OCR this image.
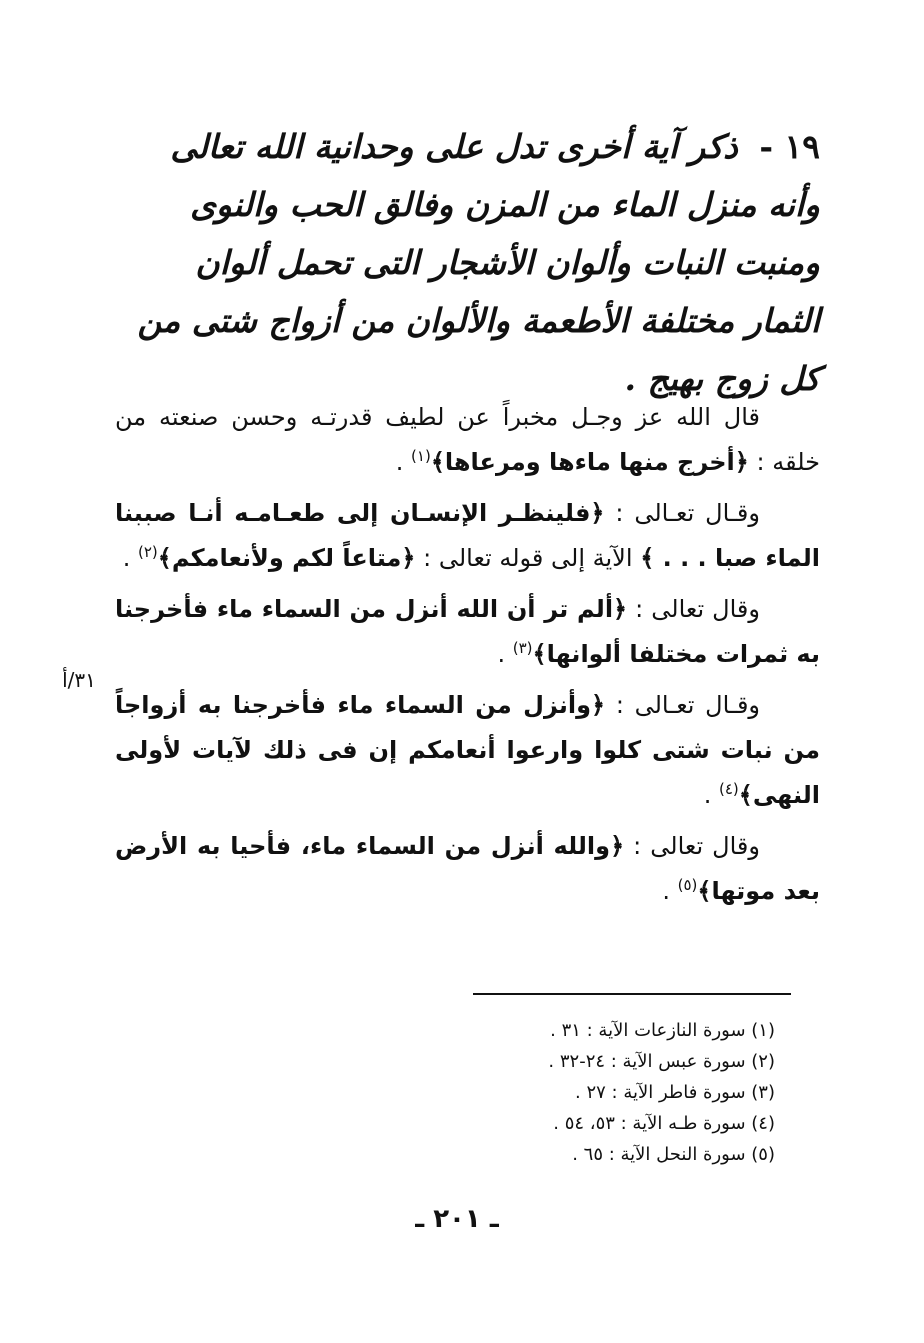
١٩ - ذكر آية أخرى تدل على وحدانية الله تعالى وأنه منزل الماء من المزن وفالق الحب والنوى ومنبت النبات وألوان الأشجار التى تحمل ألوان الثمار مختلفة الأطعمة والألوان من أزواج شتى من كل زوج بهيج .

قال الله عز وجـل مخبراً عن لطيف قدرتـه وحسن صنعته من خلقه : ﴿أخرج منها ماءها ومرعاها﴾$^{(١)}$ .

وقـال تعـالى : ﴿فلينظـر الإنسـان إلى طعـامـه أنـا صببنا الماء صبا . . . ﴾ الآية إلى قوله تعالى : ﴿متاعاً لكم ولأنعامكم﴾$^{(٢)}$ .

وقال تعالى : ﴿ألم تر أن الله أنزل من السماء ماء فأخرجنا به ثمرات مختلفا ألوانها﴾$^{(٣)}$ .

وقـال تعـالى : ﴿وأنزل من السماء ماء فأخرجنا به أزواجاً من نبات شتى كلوا وارعوا أنعامكم إن فى ذلك لآيات لأولى النهى﴾$^{(٤)}$ .

وقال تعالى : ﴿والله أنزل من السماء ماء، فأحيا به الأرض بعد موتها﴾$^{(٥)}$ .

٣١/أ
(١) سورة النازعات الآية : ٣١ .
(٢) سورة عبس الآية : ٢٤-٣٢ .
(٣) سورة فاطر الآية : ٢٧ .
(٤) سورة طـه الآية : ٥٣، ٥٤ .
(٥) سورة النحل الآية : ٦٥ .
ـ ٢٠١ ـ
